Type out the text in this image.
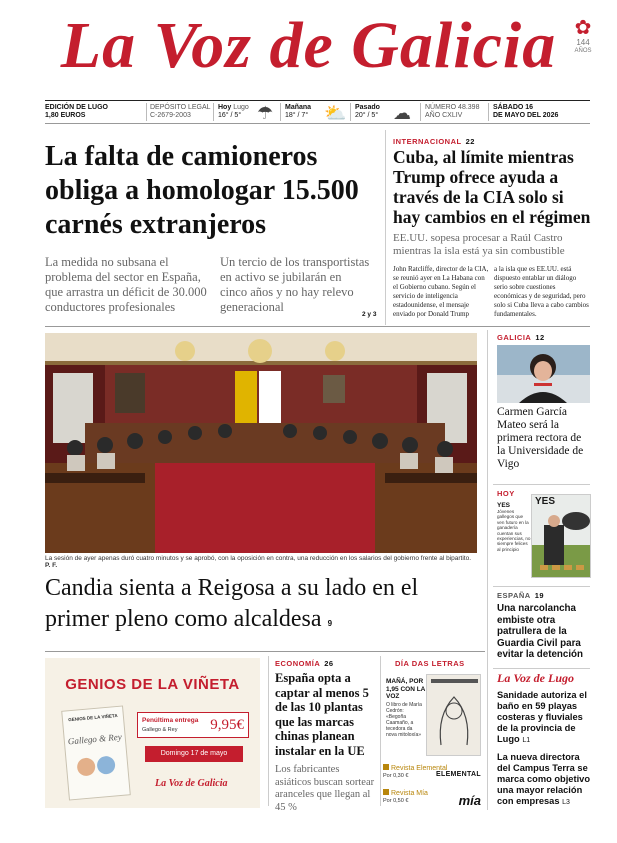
La Voz de Galicia ✿
144
AÑOS
EDICIÓN DE LUGO
1,80 EUROS
DEPÓSITO LEGAL
C-2679-2003
Hoy Lugo
16° / 5° ☂ Mañana
18° / 7° ⛅ Pasado
20° / 5° ☁ NÚMERO 48.398
AÑO CXLIV
SÁBADO 16
DE MAYO DEL 2026
La falta de camioneros obliga a homologar 15.500 carnés extranjeros
La medida no subsana el problema del sector en España, que arrastra un déficit de 30.000 conductores profesionales
Un tercio de los transportistas en activo se jubilarán en cinco años y no hay relevo generacional
2 y 3
INTERNACIONAL 22
Cuba, al límite mientras Trump ofrece ayuda a través de la CIA solo si hay cambios en el régimen
EE.UU. sopesa procesar a Raúl Castro mientras la isla está ya sin combustible
John Ratcliffe, director de la CIA, se reunió ayer en La Habana con el Gobierno cubano. Según el servicio de inteligencia estadounidense, el mensaje enviado por Donald Trump
a la isla que es EE.UU. está dispuesto entablar un diálogo serio sobre cuestiones económicas y de seguridad, pero solo si Cuba lleva a cabo cambios fundamentales.
La sesión de ayer apenas duró cuatro minutos y se aprobó, con la oposición en contra, una reducción en los salarios del gobierno frente al bipartito. P. F.
Candia sienta a Reigosa a su lado en el primer pleno como alcaldesa 9
GALICIA 12
Carmen García Mateo será la primera rectora de la Universidade de Vigo
HOY
YES
Jóvenes gallegos que ven futuro en la ganadería cuentan sus experiencias, no siempre felices al principio
YES
ESPAÑA 19
Una narcolancha embiste otra patrullera de la Guardia Civil para evitar la detención
La Voz de Lugo
Sanidade autoriza el baño en 59 playas costeras y fluviales de la provincia de Lugo L1
La nueva directora del Campus Terra se marca como objetivo una mayor relación con empresas L3
GENIOS DE LA VIÑETA
GENIOS DE LA VIÑETA
Gallego & Rey
Penúltima entrega
Gallego & Rey 9,95€
Domingo 17 de mayo
La Voz de Galicia
ECONOMÍA 26
España opta a captar al menos 5 de las 10 plantas que las marcas chinas planean instalar en la UE
Los fabricantes asiáticos buscan sortear aranceles que llegan al 45 %
DÍA DAS LETRAS
MAÑÁ, POR 1,95 CON LA VOZ
O libro de María Cedrón: «Begoña Caamaño, a tecedora da nova mitoloxía»
Revista Elemental
Por 0,30 €	ELEMENTAL
Revista Mía
Por 0,50 €	mía
